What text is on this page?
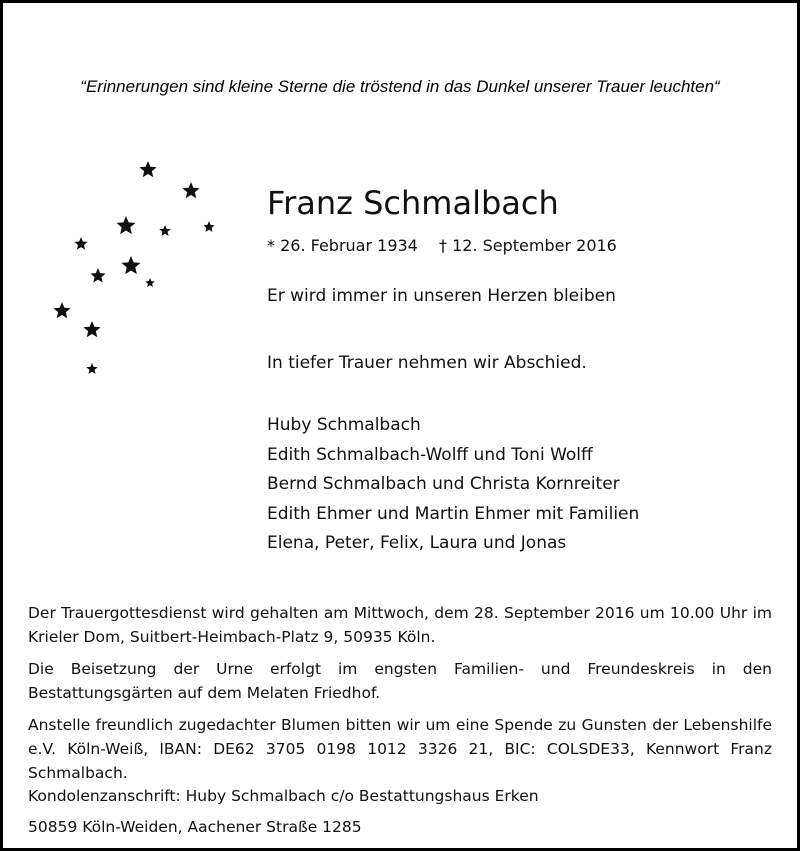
“Erinnerungen sind kleine Sterne die tröstend in das Dunkel unserer Trauer leuchten“
Franz Schmalbach
* 26. Februar 1934 † 12. September 2016
Er wird immer in unseren Herzen bleiben
In tiefer Trauer nehmen wir Abschied.
Huby Schmalbach
Edith Schmalbach-Wolff und Toni Wolff
Bernd Schmalbach und Christa Kornreiter
Edith Ehmer und Martin Ehmer mit Familien
Elena, Peter, Felix, Laura und Jonas
Der Trauergottesdienst wird gehalten am Mittwoch, dem 28. September 2016 um 10.00 Uhr im Krieler Dom, Suitbert-Heimbach-Platz 9, 50935 Köln.
Die Beisetzung der Urne erfolgt im engsten Familien- und Freundeskreis in den Bestattungsgärten auf dem Melaten Friedhof.
Anstelle freundlich zugedachter Blumen bitten wir um eine Spende zu Gunsten der Lebenshilfe e.V. Köln-Weiß, IBAN: DE62 3705 0198 1012 3326 21, BIC: COLSDE33, Kennwort Franz Schmalbach.
Kondolenzanschrift: Huby Schmalbach c/o Bestattungshaus Erken
50859 Köln-Weiden, Aachener Straße 1285
